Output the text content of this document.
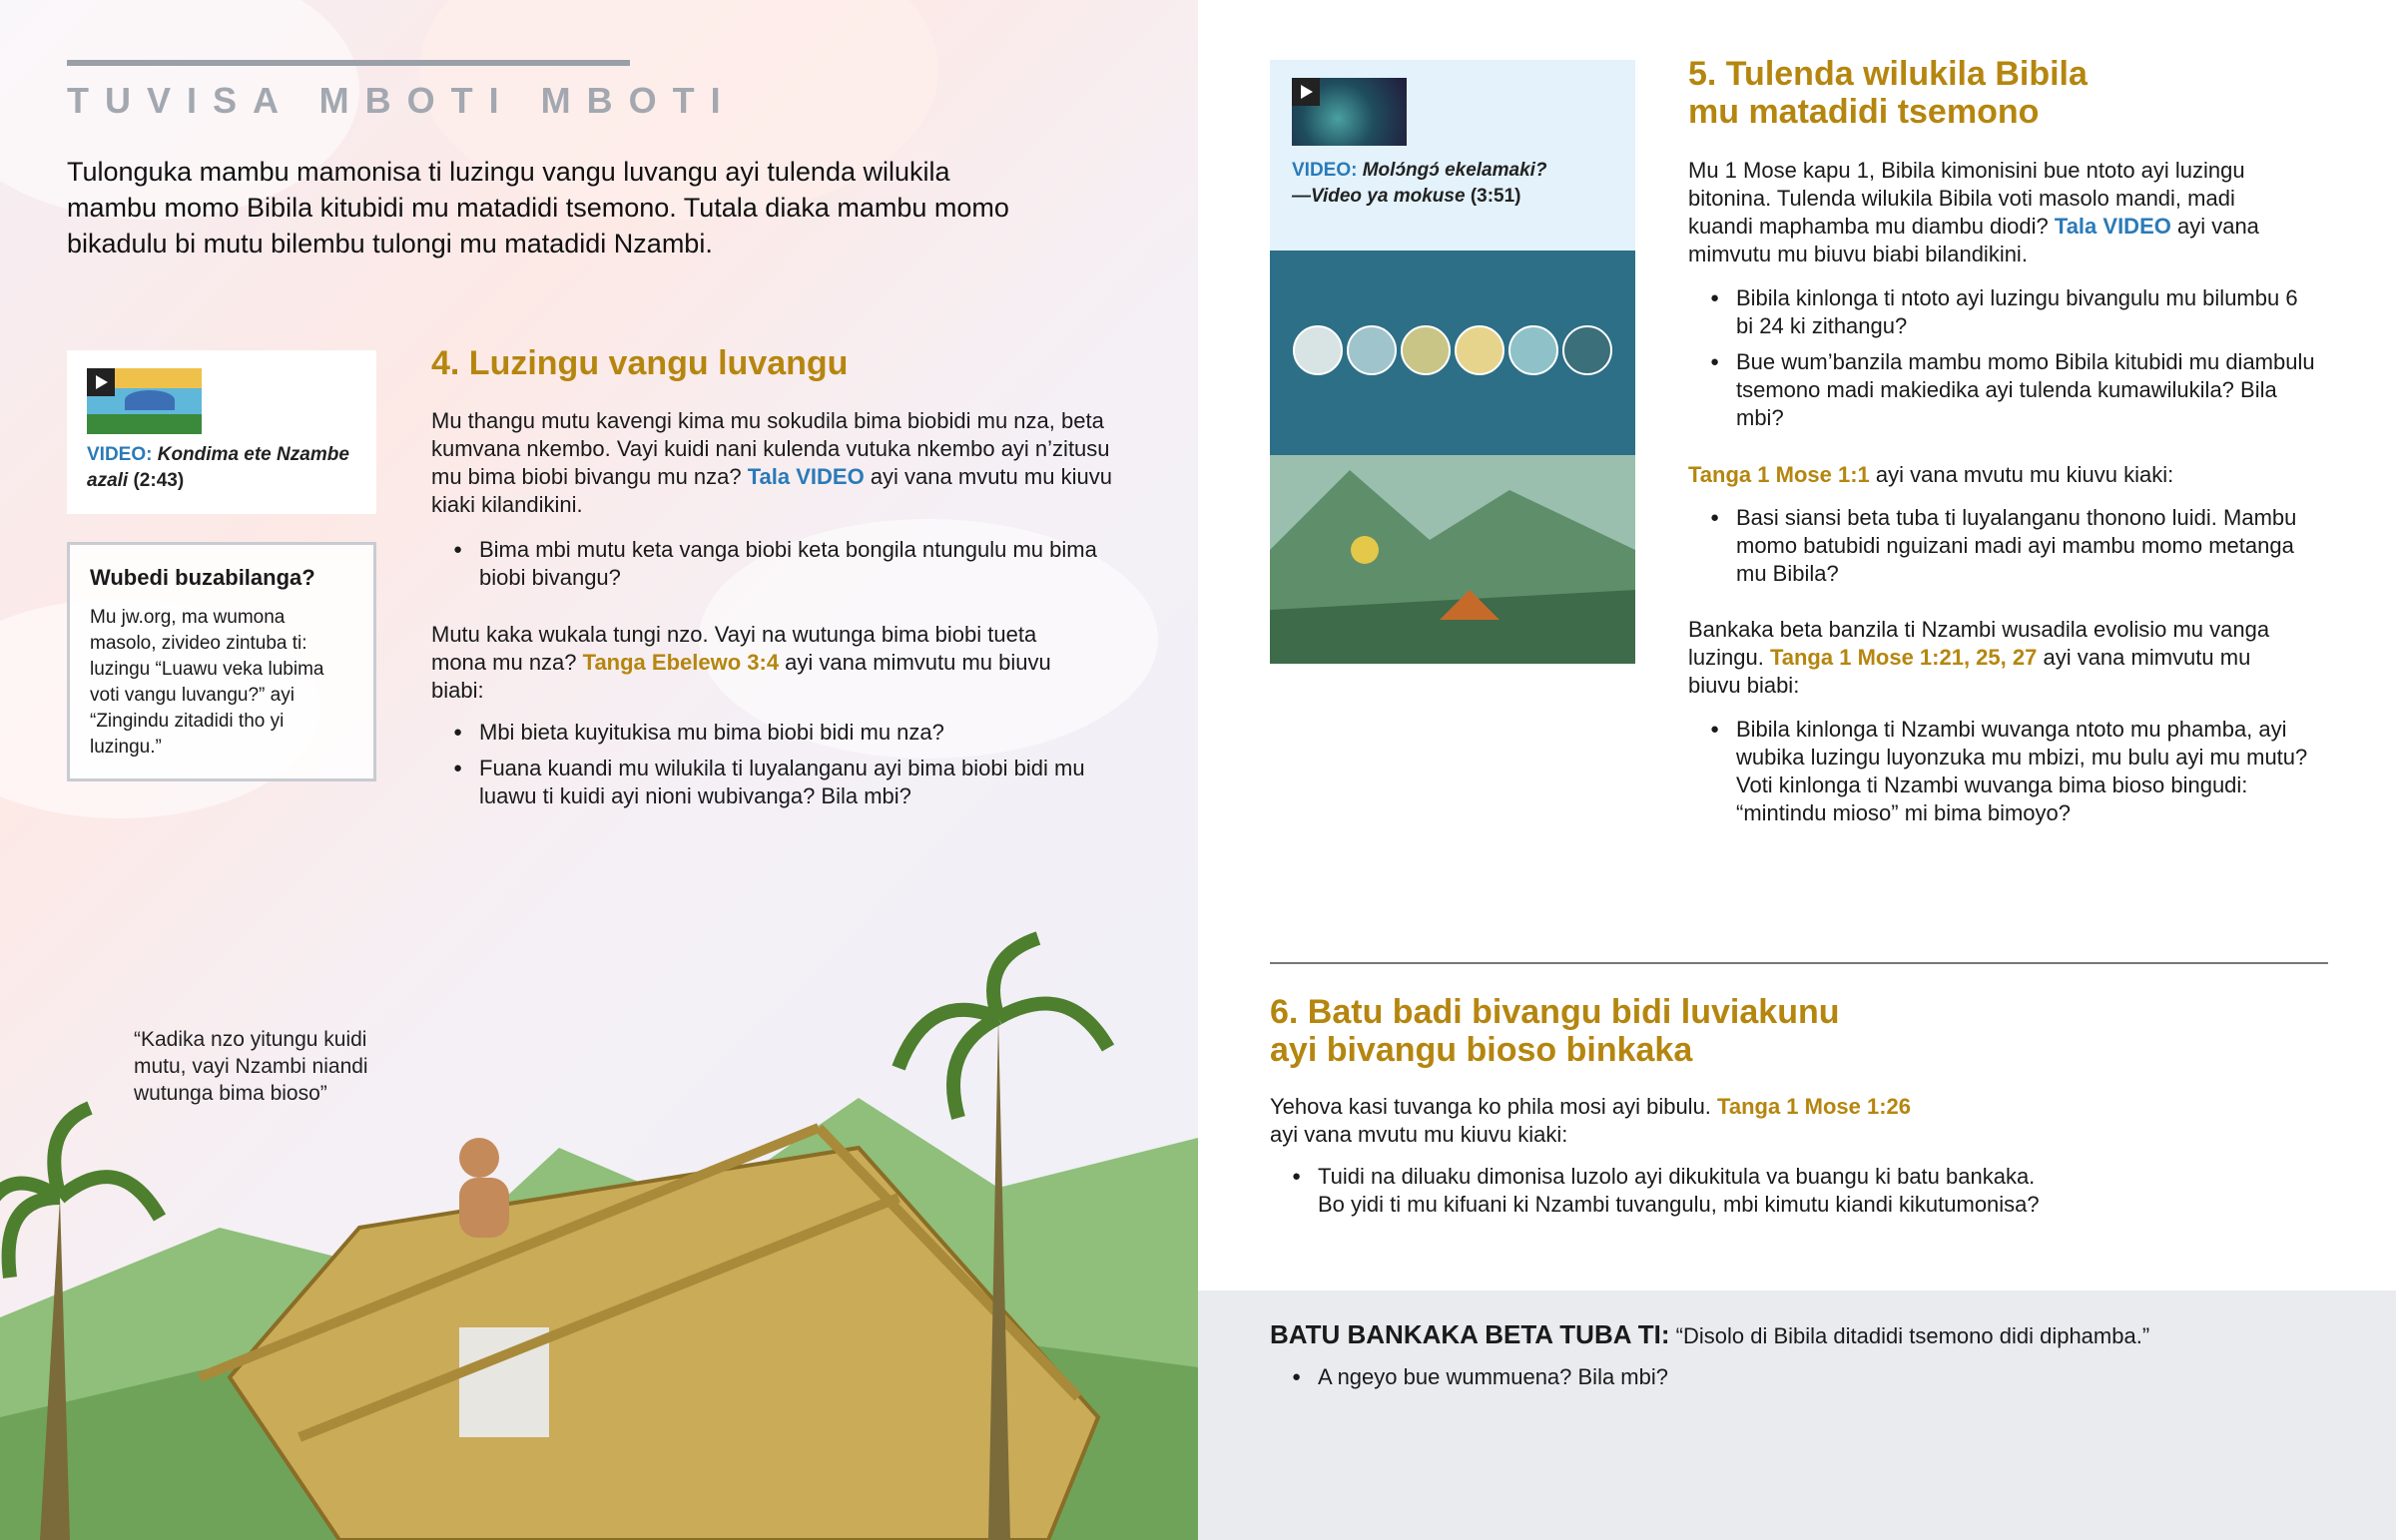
TUVISA MBOTI MBOTI
Tulonguka mambu mamonisa ti luzingu vangu luvangu ayi tulenda wilukila mambu momo Bibila kitubidi mu matadidi tsemono. Tutala diaka mambu momo bikadulu bi mutu bilembu tulongi mu matadidi Nzambi.
VIDEO: Kondima ete Nzambe azali (2:43)
Wubedi buzabilanga?

Mu jw.org, ma wumona masolo, zivideo zintuba ti: luzingu “Luawu veka lubima voti vangu luvangu?” ayi “Zingindu zitadidi tho yi luzingu.”

4. Luzingu vangu luvangu

Mu thangu mutu kavengi kima mu sokudila bima biobidi mu nza, beta kumvana nkembo. Vayi kuidi nani kulenda vutuka nkembo ayi n’zitusu mu bima biobi bivangu mu nza? Tala VIDEO ayi vana mvutu mu kiuvu kiaki kilandikini.

● Bima mbi mutu keta vanga biobi keta bongila ntungulu mu bima biobi bivangu?

Mutu kaka wukala tungi nzo. Vayi na wutunga bima biobi tueta mona mu nza? Tanga Ebelewo 3:4 ayi vana mimvutu mu biuvu biabi:

● Mbi bieta kuyitukisa mu bima biobi bidi mu nza?
● Fuana kuandi mu wilukila ti luyalanganu ayi bima biobi bidi mu luawu ti kuidi ayi nioni wubivanga? Bila mbi?
“Kadika nzo yitungu kuidi mutu, vayi Nzambi niandi wutunga bima bioso”
VIDEO: Molɔ́ngɔ́ ekelamaki?
—Video ya mokuse (3:51)
5. Tulenda wilukila Bibila
mu matadidi tsemono

Mu 1 Mose kapu 1, Bibila kimonisini bue ntoto ayi luzingu bitonina. Tulenda wilukila Bibila voti masolo mandi, madi kuandi maphamba mu diambu diodi? Tala VIDEO ayi vana mimvutu mu biuvu biabi bilandikini.

● Bibila kinlonga ti ntoto ayi luzingu bivangulu mu bilumbu 6 bi 24 ki zithangu?
● Bue wum’banzila mambu momo Bibila kitubidi mu diambulu tsemono madi makiedika ayi tulenda kumawilukila? Bila mbi?

Tanga 1 Mose 1:1 ayi vana mvutu mu kiuvu kiaki:

● Basi siansi beta tuba ti luyalanganu thonono luidi. Mambu momo batubidi nguizani madi ayi mambu momo metanga mu Bibila?

Bankaka beta banzila ti Nzambi wusadila evolisio mu vanga luzingu. Tanga 1 Mose 1:21, 25, 27 ayi vana mimvutu mu biuvu biabi:

● Bibila kinlonga ti Nzambi wuvanga ntoto mu phamba, ayi wubika luzingu luyonzuka mu mbizi, mu bulu ayi mu mutu? Voti kinlonga ti Nzambi wuvanga bima bioso bingudi: “mintindu mioso” mi bima bimoyo?
6. Batu badi bivangu bidi luviakunu
ayi bivangu bioso binkaka

Yehova kasi tuvanga ko phila mosi ayi bibulu. Tanga 1 Mose 1:26
ayi vana mvutu mu kiuvu kiaki:

● Tuidi na diluaku dimonisa luzolo ayi dikukitula va buangu ki batu bankaka.
Bo yidi ti mu kifuani ki Nzambi tuvangulu, mbi kimutu kiandi kikutumonisa?
BATU BANKAKA BETA TUBA TI: “Disolo di Bibila ditadidi tsemono didi diphamba.”
● A ngeyo bue wummuena? Bila mbi?
